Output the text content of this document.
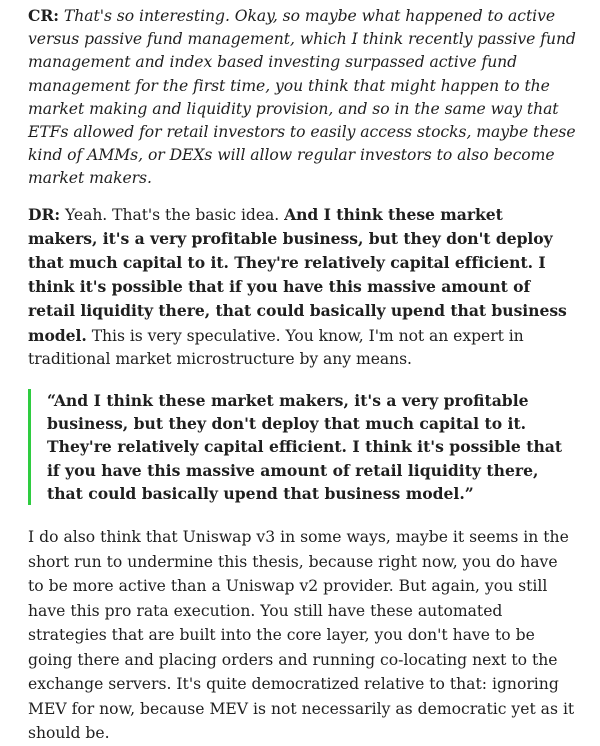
CR: That's so interesting. Okay, so maybe what happened to active versus passive fund management, which I think recently passive fund management and index based investing surpassed active fund management for the first time, you think that might happen to the market making and liquidity provision, and so in the same way that ETFs allowed for retail investors to easily access stocks, maybe these kind of AMMs, or DEXs will allow regular investors to also become market makers.

DR: Yeah. That's the basic idea. And I think these market makers, it's a very profitable business, but they don't deploy that much capital to it. They're relatively capital efficient. I think it's possible that if you have this massive amount of retail liquidity there, that could basically upend that business model. This is very speculative. You know, I'm not an expert in traditional market microstructure by any means.

“And I think these market makers, it's a very profitable business, but they don't deploy that much capital to it. They're relatively capital efficient. I think it's possible that if you have this massive amount of retail liquidity there, that could basically upend that business model.”

I do also think that Uniswap v3 in some ways, maybe it seems in the short run to undermine this thesis, because right now, you do have to be more active than a Uniswap v2 provider. But again, you still have this pro rata execution. You still have these automated strategies that are built into the core layer, you don't have to be going there and placing orders and running co-locating next to the exchange servers. It's quite democratized relative to that: ignoring MEV for now, because MEV is not necessarily as democratic yet as it should be.
